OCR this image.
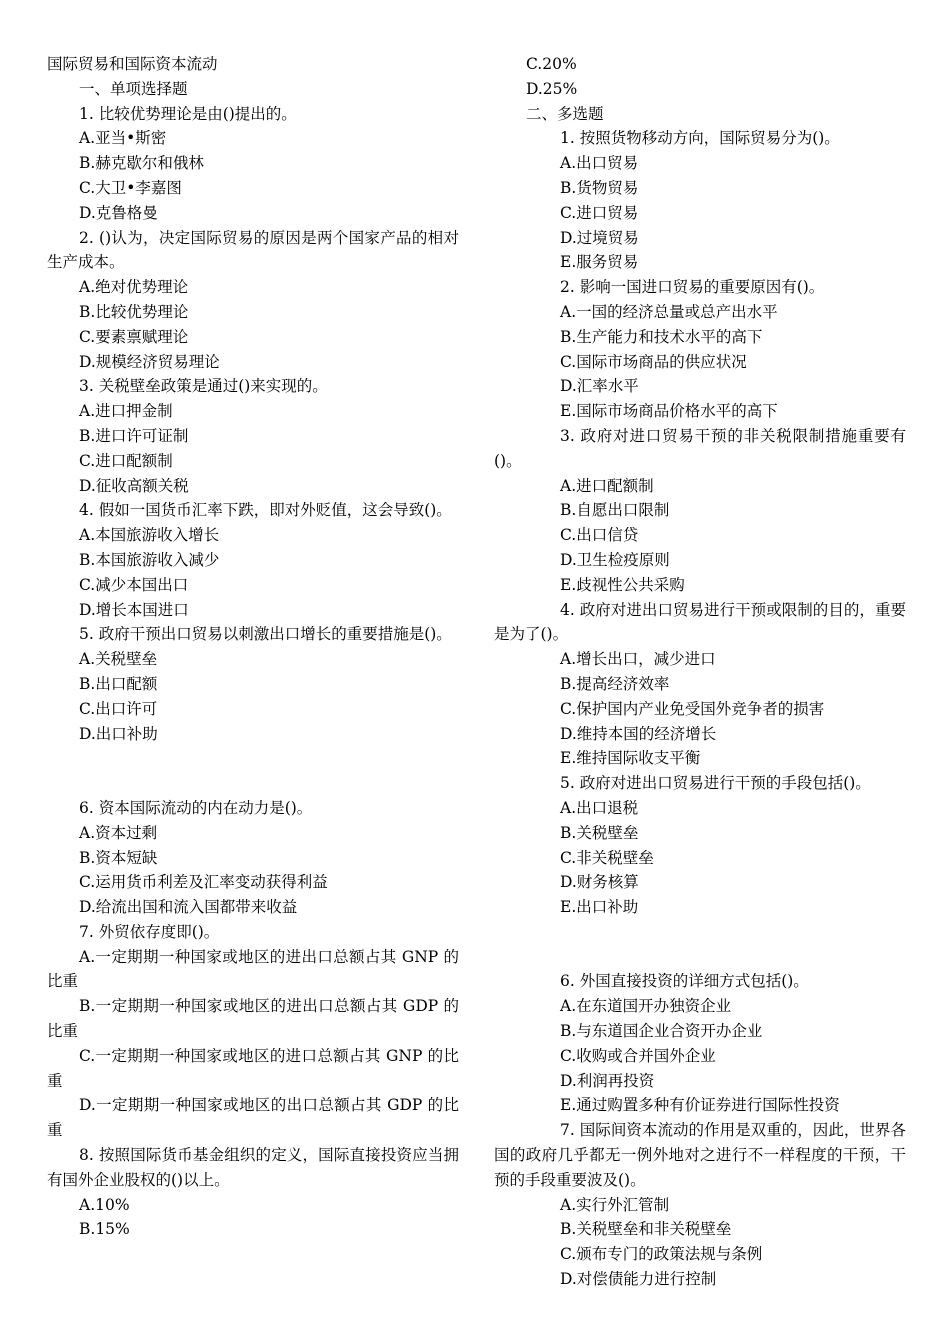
国际贸易和国际资本流动
一、单项选择题
1. 比较优势理论是由()提出的。
A.亚当•斯密
B.赫克歇尔和俄林
C.大卫•李嘉图
D.克鲁格曼
2. ()认为，决定国际贸易的原因是两个国家产品的相对生产成本。
A.绝对优势理论
B.比较优势理论
C.要素禀赋理论
D.规模经济贸易理论
3. 关税壁垒政策是通过()来实现的。
A.进口押金制
B.进口许可证制
C.进口配额制
D.征收高额关税
4. 假如一国货币汇率下跌，即对外贬值，这会导致()。
A.本国旅游收入增长
B.本国旅游收入减少
C.减少本国出口
D.增长本国进口
5. 政府干预出口贸易以刺激出口增长的重要措施是()。
A.关税壁垒
B.出口配额
C.出口许可
D.出口补助
6. 资本国际流动的内在动力是()。
A.资本过剩
B.资本短缺
C.运用货币利差及汇率变动获得利益
D.给流出国和流入国都带来收益
7. 外贸依存度即()。
A.一定期期一种国家或地区的进出口总额占其 GNP 的比重
B.一定期期一种国家或地区的进出口总额占其 GDP 的比重
C.一定期期一种国家或地区的进口总额占其 GNP 的比重
D.一定期期一种国家或地区的出口总额占其 GDP 的比重
8. 按照国际货币基金组织的定义，国际直接投资应当拥有国外企业股权的()以上。
A.10%
B.15%
C.20%
D.25%
二、多选题
1. 按照货物移动方向，国际贸易分为()。
A.出口贸易
B.货物贸易
C.进口贸易
D.过境贸易
E.服务贸易
2. 影响一国进口贸易的重要原因有()。
A.一国的经济总量或总产出水平
B.生产能力和技术水平的高下
C.国际市场商品的供应状况
D.汇率水平
E.国际市场商品价格水平的高下
3. 政府对进口贸易干预的非关税限制措施重要有()。
A.进口配额制
B.自愿出口限制
C.出口信贷
D.卫生检疫原则
E.歧视性公共采购
4. 政府对进出口贸易进行干预或限制的目的，重要是为了()。
A.增长出口，减少进口
B.提高经济效率
C.保护国内产业免受国外竞争者的损害
D.维持本国的经济增长
E.维持国际收支平衡
5. 政府对进出口贸易进行干预的手段包括()。
A.出口退税
B.关税壁垒
C.非关税壁垒
D.财务核算
E.出口补助
6. 外国直接投资的详细方式包括()。
A.在东道国开办独资企业
B.与东道国企业合资开办企业
C.收购或合并国外企业
D.利润再投资
E.通过购置多种有价证券进行国际性投资
7. 国际间资本流动的作用是双重的，因此，世界各国的政府几乎都无一例外地对之进行不一样程度的干预，干预的手段重要波及()。
A.实行外汇管制
B.关税壁垒和非关税壁垒
C.颁布专门的政策法规与条例
D.对偿债能力进行控制
